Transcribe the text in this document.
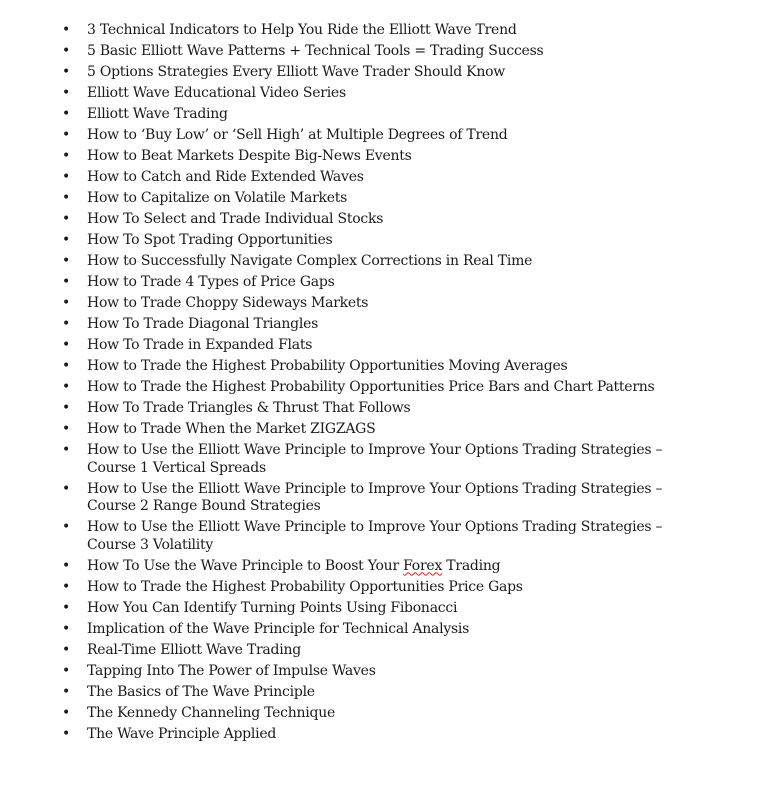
• 3 Technical Indicators to Help You Ride the Elliott Wave Trend
• 5 Basic Elliott Wave Patterns + Technical Tools = Trading Success
• 5 Options Strategies Every Elliott Wave Trader Should Know
• Elliott Wave Educational Video Series
• Elliott Wave Trading
• How to ‘Buy Low’ or ‘Sell High’ at Multiple Degrees of Trend
• How to Beat Markets Despite Big-News Events
• How to Catch and Ride Extended Waves
• How to Capitalize on Volatile Markets
• How To Select and Trade Individual Stocks
• How To Spot Trading Opportunities
• How to Successfully Navigate Complex Corrections in Real Time
• How to Trade 4 Types of Price Gaps
• How to Trade Choppy Sideways Markets
• How To Trade Diagonal Triangles
• How To Trade in Expanded Flats
• How to Trade the Highest Probability Opportunities Moving Averages
• How to Trade the Highest Probability Opportunities Price Bars and Chart Patterns
• How To Trade Triangles & Thrust That Follows
• How to Trade When the Market ZIGZAGS
• How to Use the Elliott Wave Principle to Improve Your Options Trading Strategies – Course 1 Vertical Spreads
• How to Use the Elliott Wave Principle to Improve Your Options Trading Strategies – Course 2 Range Bound Strategies
• How to Use the Elliott Wave Principle to Improve Your Options Trading Strategies – Course 3 Volatility
• How To Use the Wave Principle to Boost Your Forex Trading
• How to Trade the Highest Probability Opportunities Price Gaps
• How You Can Identify Turning Points Using Fibonacci
• Implication of the Wave Principle for Technical Analysis
• Real-Time Elliott Wave Trading
• Tapping Into The Power of Impulse Waves
• The Basics of The Wave Principle
• The Kennedy Channeling Technique
• The Wave Principle Applied
